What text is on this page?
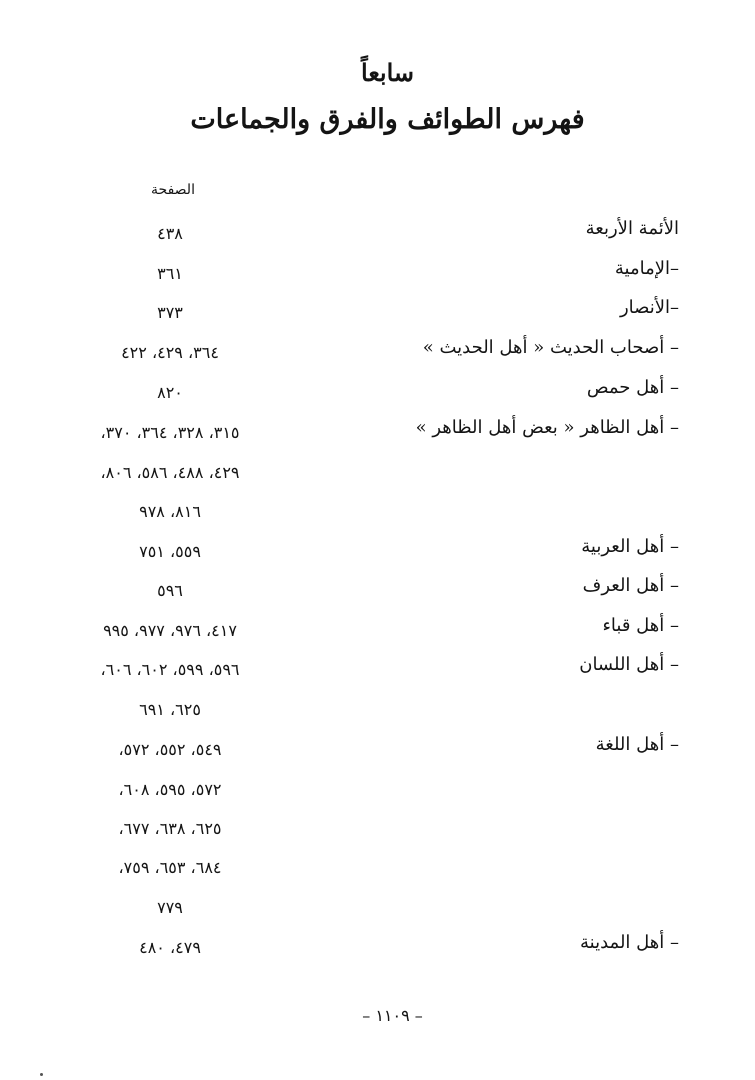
سابعاً
فهرس الطوائف والفرق والجماعات
الصفحة
الأئمة الأربعة
٤٣٨
–الإمامية
٣٦١
–الأنصار
٣٧٣
– أصحاب الحديث « أهل الحديث »
٣٦٤، ٤٢٩، ٤٢٢
– أهل حمص
٨٢٠
– أهل الظاهر « بعض أهل الظاهر »
٣١٥، ٣٢٨، ٣٦٤، ٣٧٠،
٤٢٩، ٤٨٨، ٥٨٦، ٨٠٦،
٨١٦، ٩٧٨
– أهل العربية
٥٥٩، ٧٥١
– أهل العرف
٥٩٦
– أهل قباء
٤١٧، ٩٧٦، ٩٧٧، ٩٩٥
– أهل اللسان
٥٩٦، ٥٩٩، ٦٠٢، ٦٠٦،
٦٢٥، ٦٩١
– أهل اللغة
٥٤٩، ٥٥٢، ٥٧٢،
٥٧٢، ٥٩٥، ٦٠٨،
٦٢٥، ٦٣٨، ٦٧٧،
٦٨٤، ٦٥٣، ٧٥٩،
٧٧٩
– أهل المدينة
٤٧٩، ٤٨٠
– ١١٠٩ –
